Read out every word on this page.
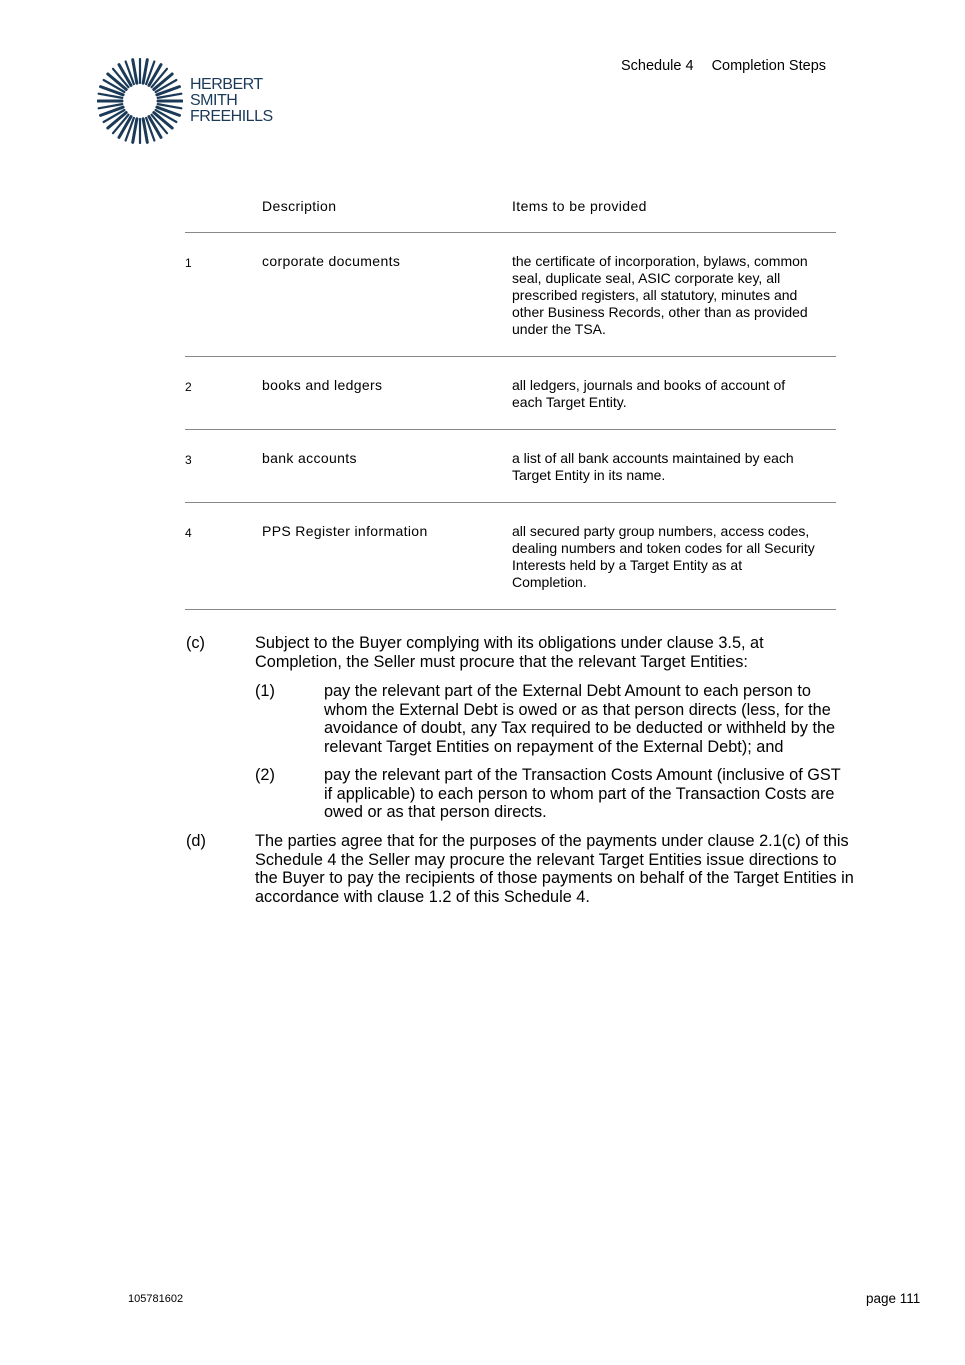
HERBERT
SMITH
FREEHILLS
Schedule 4 Completion Steps
	Description	Items to be provided
1	corporate documents	the certificate of incorporation, bylaws, common seal, duplicate seal, ASIC corporate key, all prescribed registers, all statutory, minutes and other Business Records, other than as provided under the TSA.
2	books and ledgers	all ledgers, journals and books of account of each Target Entity.
3	bank accounts	a list of all bank accounts maintained by each Target Entity in its name.
4	PPS Register information	all secured party group numbers, access codes, dealing numbers and token codes for all Security Interests held by a Target Entity as at Completion.
(c)	Subject to the Buyer complying with its obligations under clause 3.5, at Completion, the Seller must procure that the relevant Target Entities:
(1)	pay the relevant part of the External Debt Amount to each person to whom the External Debt is owed or as that person directs (less, for the avoidance of doubt, any Tax required to be deducted or withheld by the relevant Target Entities on repayment of the External Debt); and
(2)	pay the relevant part of the Transaction Costs Amount (inclusive of GST if applicable) to each person to whom part of the Transaction Costs are owed or as that person directs.
(d)	The parties agree that for the purposes of the payments under clause 2.1(c) of this Schedule 4 the Seller may procure the relevant Target Entities issue directions to the Buyer to pay the recipients of those payments on behalf of the Target Entities in accordance with clause 1.2 of this Schedule 4.
105781602	page 111
